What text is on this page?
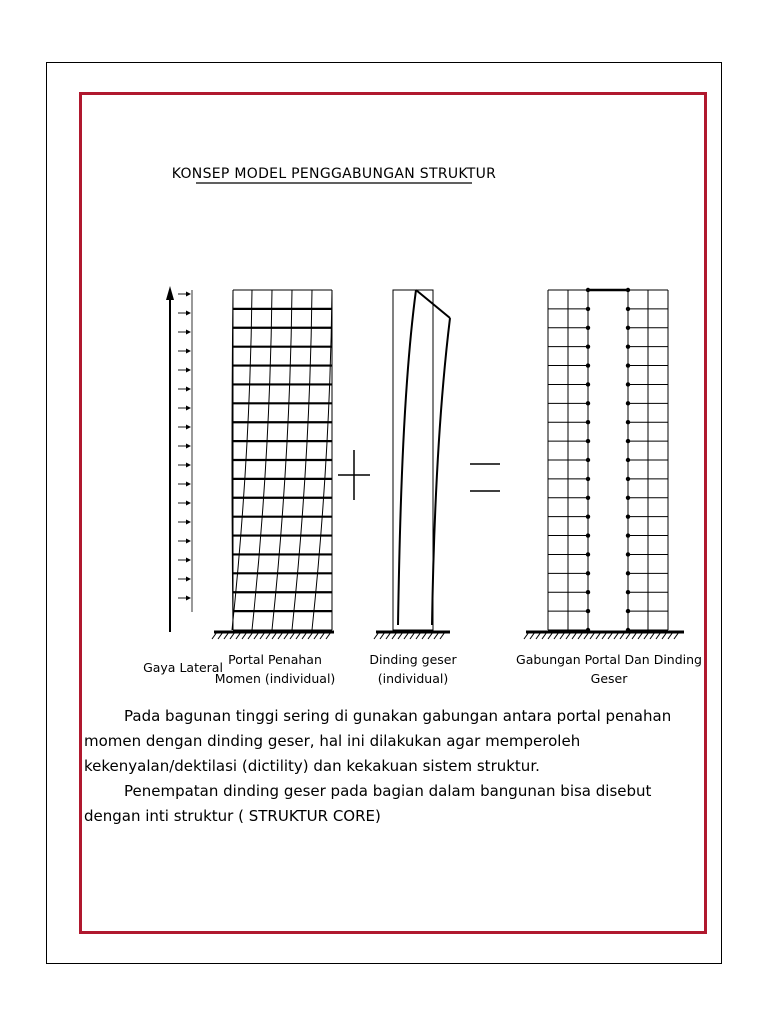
KONSEP MODEL PENGGABUNGAN STRUKTUR
Gaya Lateral
Portal Penahan
Momen (individual)
Dinding geser
(individual)
Gabungan Portal Dan Dinding
Geser

Pada bagunan tinggi sering di gunakan gabungan antara portal penahan momen dengan dinding geser, hal ini dilakukan agar memperoleh kekenyalan/dektilasi (dictility) dan kekakuan sistem struktur.

Penempatan dinding geser pada bagian dalam bangunan bisa disebut dengan inti struktur ( STRUKTUR CORE)
